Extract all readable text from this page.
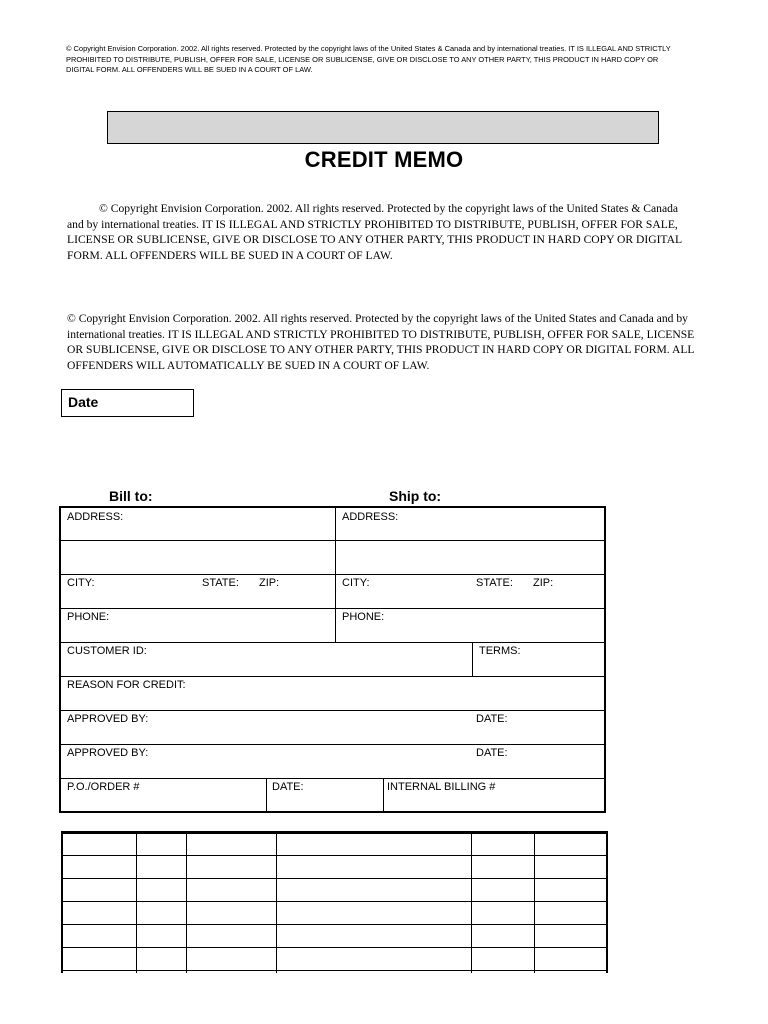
© Copyright Envision Corporation. 2002. All rights reserved. Protected by the copyright laws of the United States & Canada and by international treaties. IT IS ILLEGAL AND STRICTLY PROHIBITED TO DISTRIBUTE, PUBLISH, OFFER FOR SALE, LICENSE OR SUBLICENSE, GIVE OR DISCLOSE TO ANY OTHER PARTY, THIS PRODUCT IN HARD COPY OR DIGITAL FORM. ALL OFFENDERS WILL BE SUED IN A COURT OF LAW.
CREDIT MEMO
© Copyright Envision Corporation. 2002. All rights reserved. Protected by the copyright laws of the United States & Canada and by international treaties. IT IS ILLEGAL AND STRICTLY PROHIBITED TO DISTRIBUTE, PUBLISH, OFFER FOR SALE, LICENSE OR SUBLICENSE, GIVE OR DISCLOSE TO ANY OTHER PARTY, THIS PRODUCT IN HARD COPY OR DIGITAL FORM. ALL OFFENDERS WILL BE SUED IN A COURT OF LAW.
© Copyright Envision Corporation. 2002. All rights reserved. Protected by the copyright laws of the United States and Canada and by international treaties. IT IS ILLEGAL AND STRICTLY PROHIBITED TO DISTRIBUTE, PUBLISH, OFFER FOR SALE, LICENSE OR SUBLICENSE, GIVE OR DISCLOSE TO ANY OTHER PARTY, THIS PRODUCT IN HARD COPY OR DIGITAL FORM. ALL OFFENDERS WILL AUTOMATICALLY BE SUED IN A COURT OF LAW.
Date
Bill to:	Ship to:
ADDRESS:	ADDRESS:
CITY:	STATE: ZIP:	CITY:	STATE: ZIP:
PHONE:	PHONE:
CUSTOMER ID:	TERMS:
REASON FOR CREDIT:
APPROVED BY:	DATE:
APPROVED BY:	DATE:
P.O./ORDER #	DATE:	INTERNAL BILLING #
